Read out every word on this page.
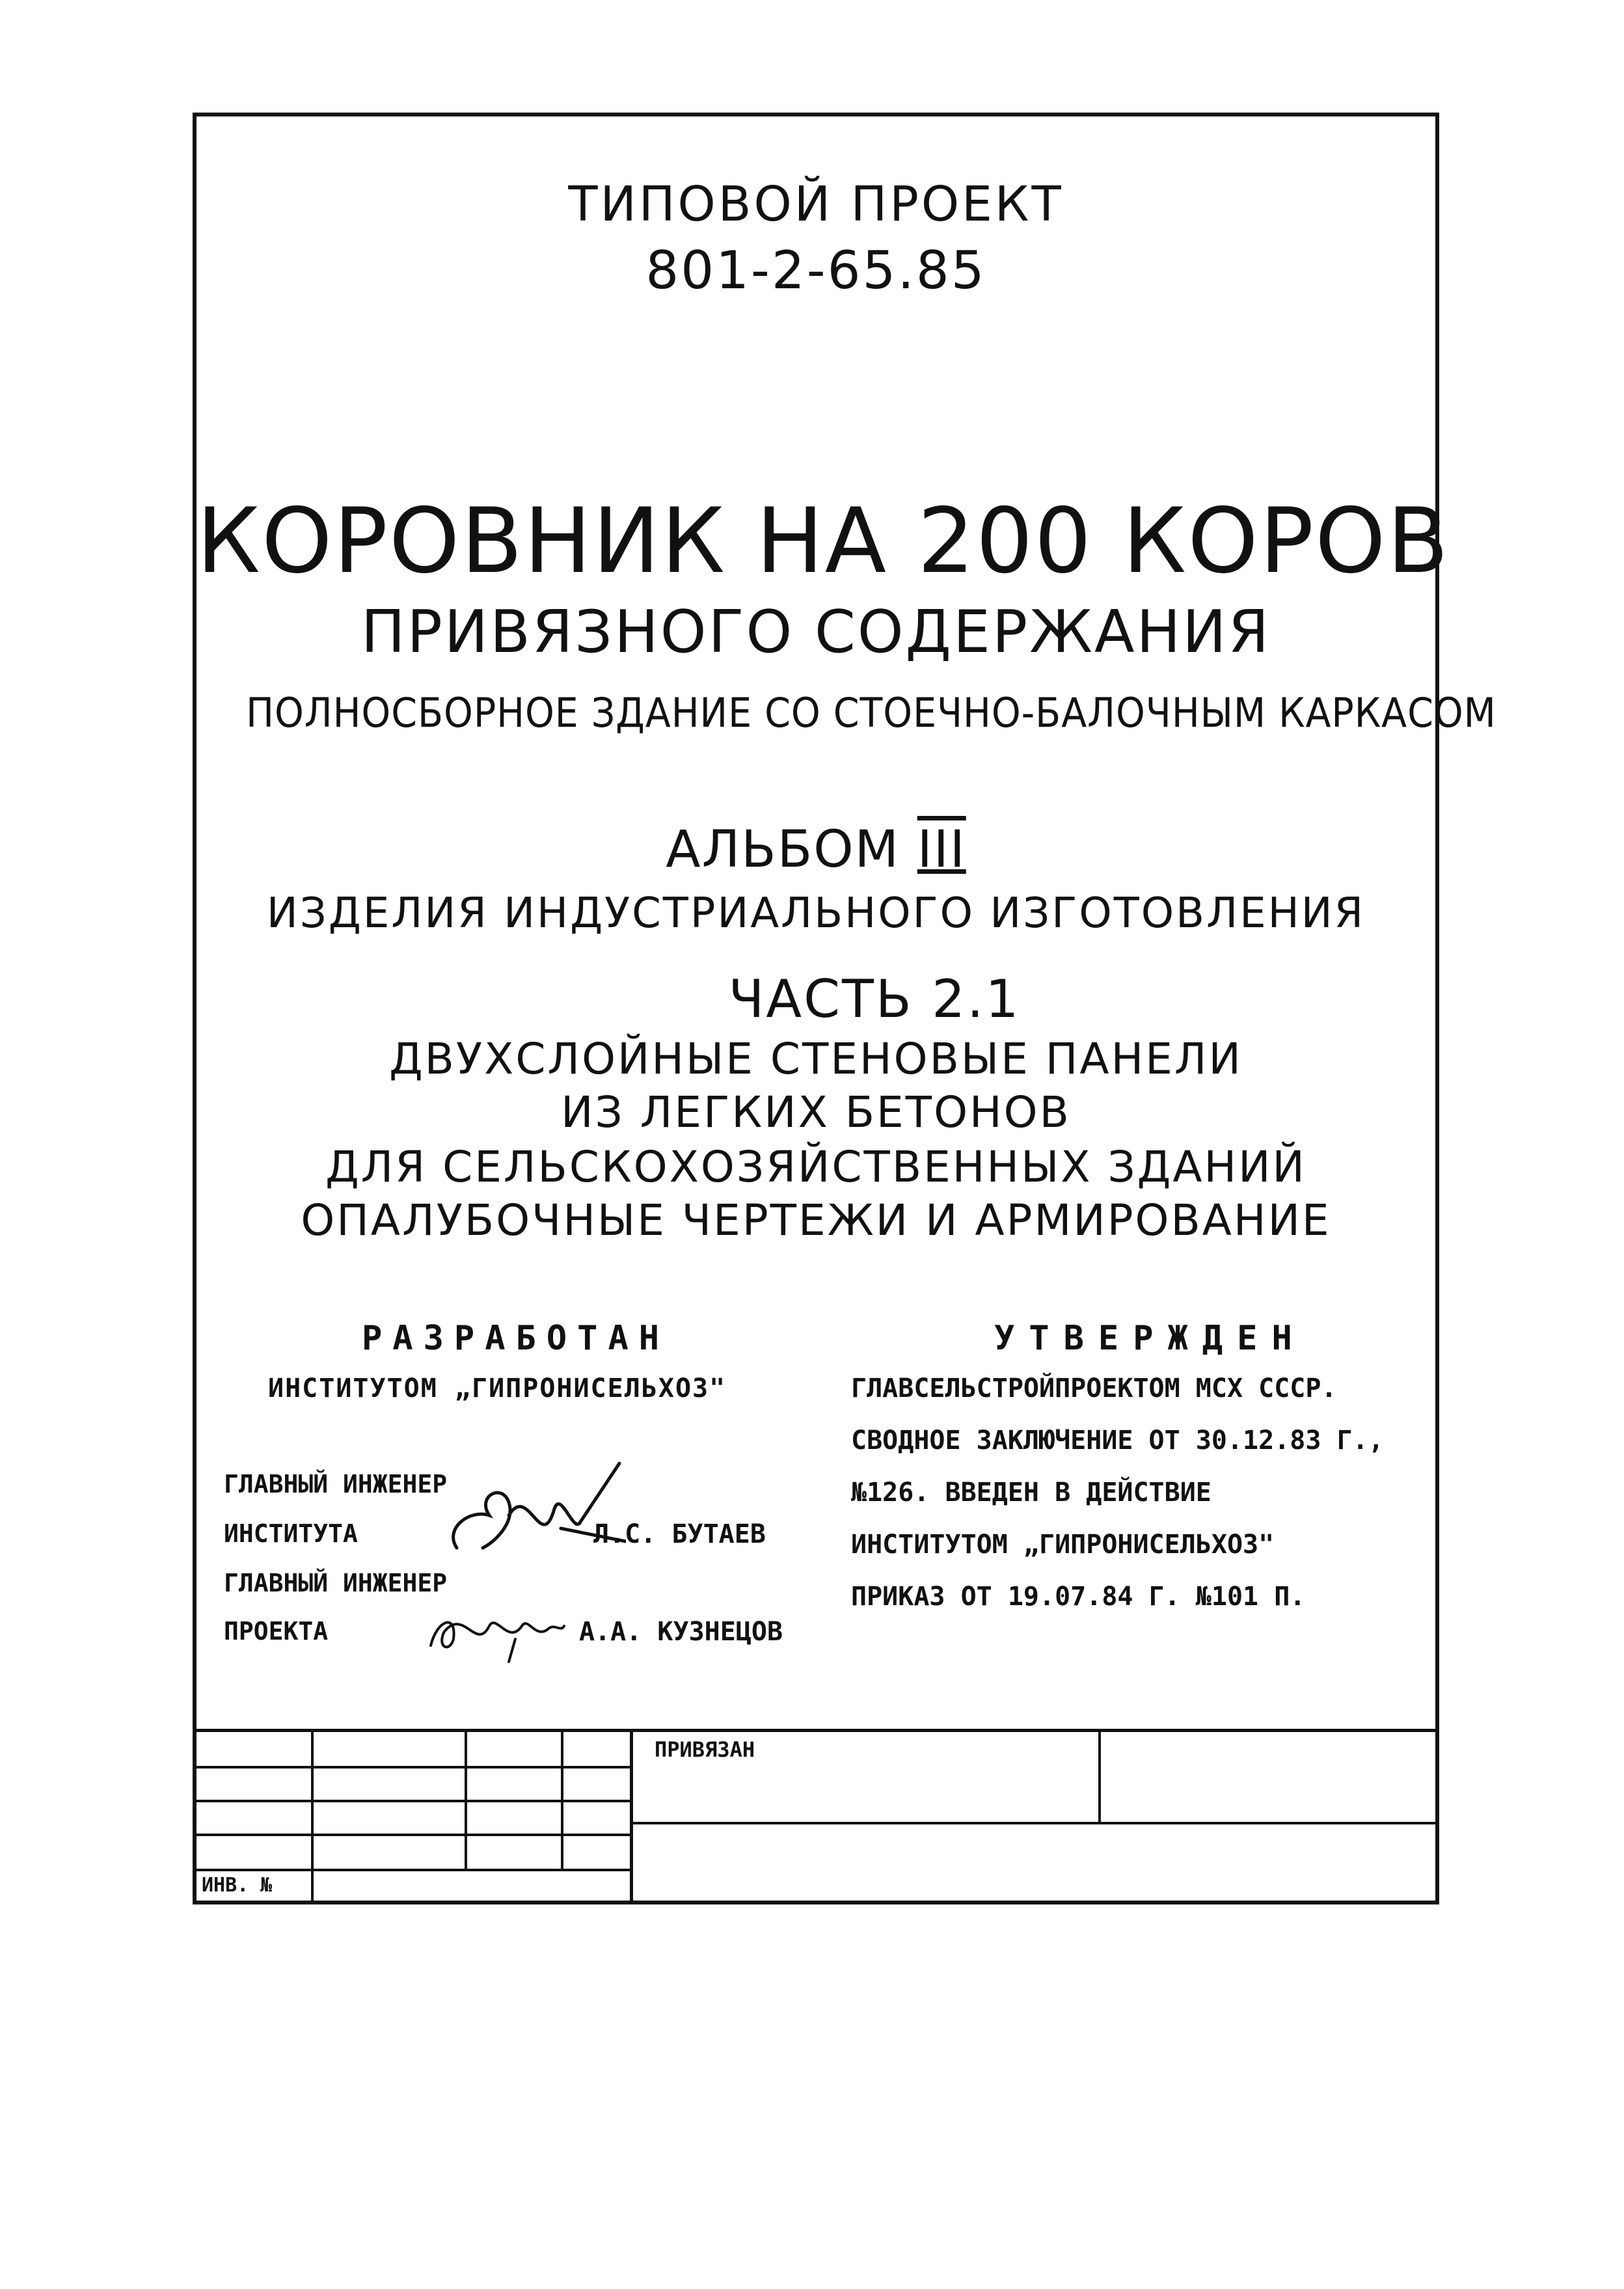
ТИПОВОЙ ПРОЕКТ
801-2-65.85
КОРОВНИК НА 200 КОРОВ
ПРИВЯЗНОГО СОДЕРЖАНИЯ
ПОЛНОСБОРНОЕ ЗДАНИЕ СО СТОЕЧНО-БАЛОЧНЫМ КАРКАСОМ
АЛЬБОМ III
ИЗДЕЛИЯ ИНДУСТРИАЛЬНОГО ИЗГОТОВЛЕНИЯ
ЧАСТЬ 2.1
ДВУХСЛОЙНЫЕ СТЕНОВЫЕ ПАНЕЛИ
ИЗ ЛЕГКИХ БЕТОНОВ
ДЛЯ СЕЛЬСКОХОЗЯЙСТВЕННЫХ ЗДАНИЙ
ОПАЛУБОЧНЫЕ ЧЕРТЕЖИ И АРМИРОВАНИЕ
РАЗРАБОТАН
ИНСТИТУТОМ „ГИПРОНИСЕЛЬХОЗ"
ГЛАВНЫЙ ИНЖЕНЕР
ИНСТИТУТА
ГЛАВНЫЙ ИНЖЕНЕР
ПРОЕКТА
Л.С. БУТАЕВ
А.А. КУЗНЕЦОВ
УТВЕРЖДЕН
ГЛАВСЕЛЬСТРОЙПРОЕКТОМ МСХ СССР.
СВОДНОЕ ЗАКЛЮЧЕНИЕ ОТ 30.12.83 Г.,
№126. ВВЕДЕН В ДЕЙСТВИЕ
ИНСТИТУТОМ „ГИПРОНИСЕЛЬХОЗ"
ПРИКАЗ ОТ 19.07.84 Г. №101 П.
ПРИВЯЗАН
ИНВ. №
